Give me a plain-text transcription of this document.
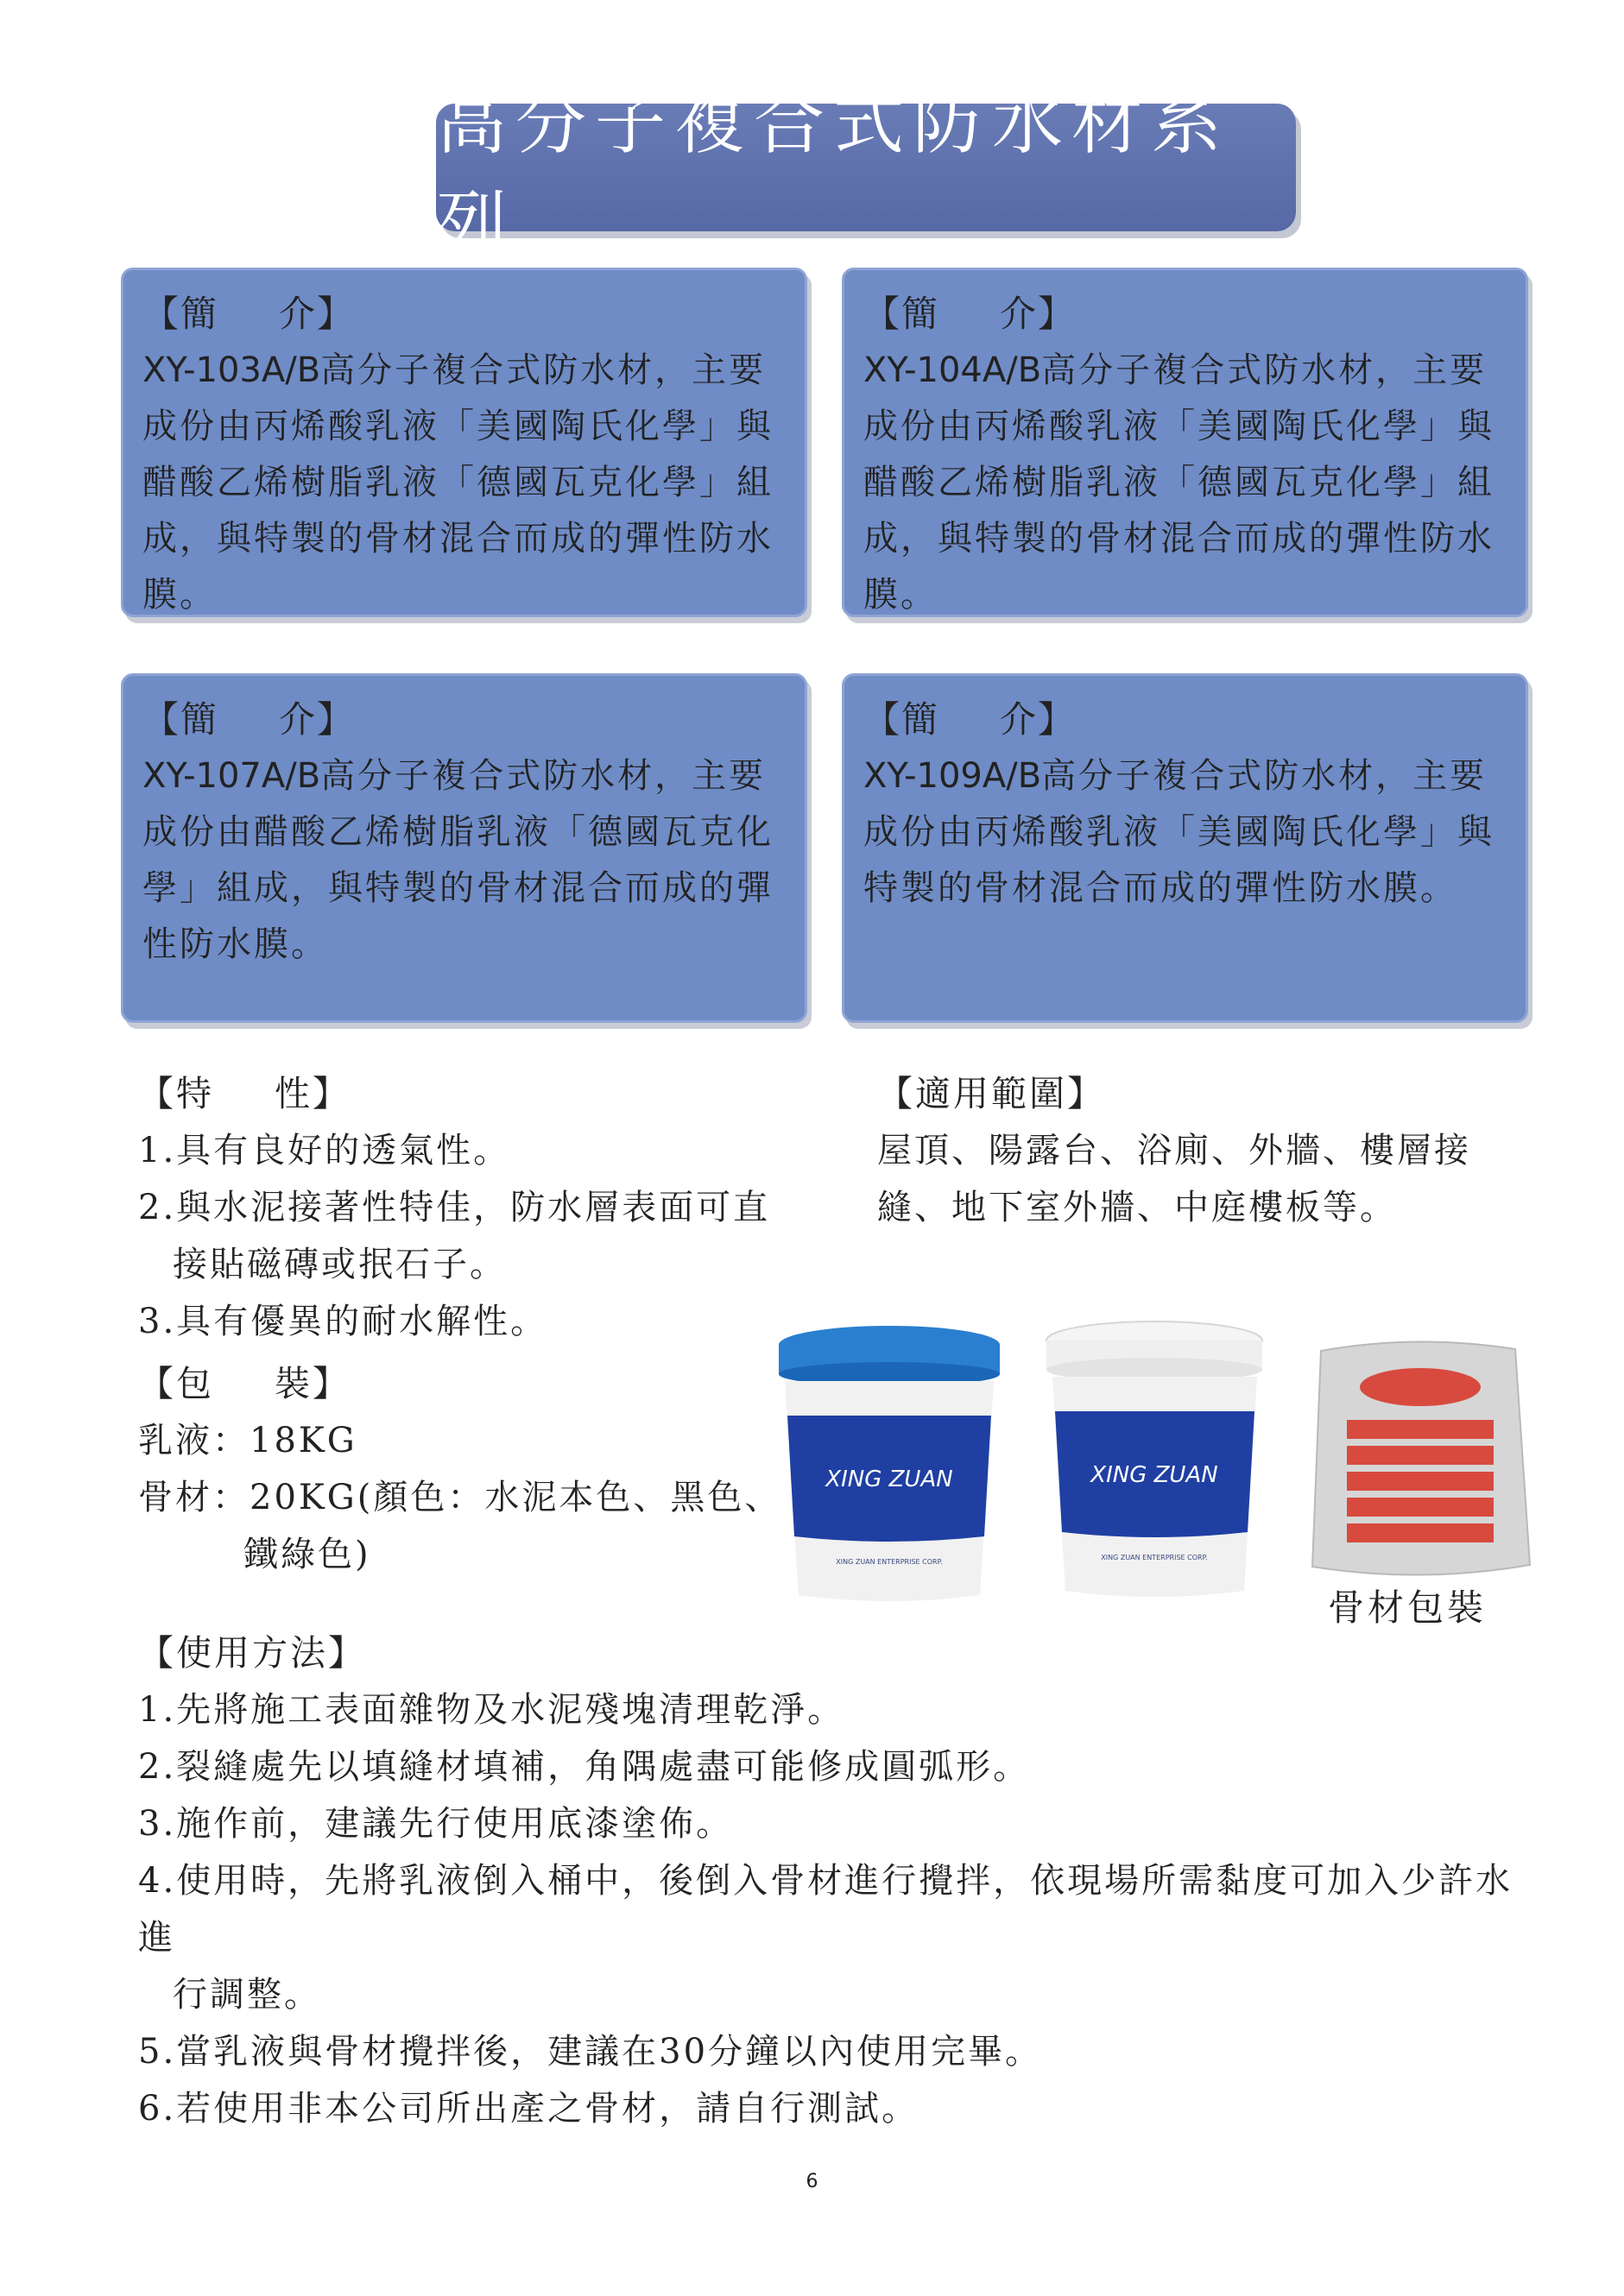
高分子複合式防水材系列
【簡 介】
XY-103A/B高分子複合式防水材，主要成份由丙烯酸乳液「美國陶氏化學」與醋酸乙烯樹脂乳液「德國瓦克化學」組成，與特製的骨材混合而成的彈性防水膜。
【簡 介】
XY-104A/B高分子複合式防水材，主要成份由丙烯酸乳液「美國陶氏化學」與醋酸乙烯樹脂乳液「德國瓦克化學」組成，與特製的骨材混合而成的彈性防水膜。
【簡 介】
XY-107A/B高分子複合式防水材，主要成份由醋酸乙烯樹脂乳液「德國瓦克化學」組成，與特製的骨材混合而成的彈性防水膜。
【簡 介】
XY-109A/B高分子複合式防水材，主要成份由丙烯酸乳液「美國陶氏化學」與特製的骨材混合而成的彈性防水膜。
【特 性】
1.具有良好的透氣性。
2.與水泥接著性特佳，防水層表面可直
接貼磁磚或抿石子。
3.具有優異的耐水解性。
【適用範圍】
屋頂、陽露台、浴廁、外牆、樓層接
縫、地下室外牆、中庭樓板等。
【包 裝】
乳液：18KG
骨材：20KG(顏色：水泥本色、黑色、
鐵綠色)
XING ZUAN
XING ZUAN ENTERPRISE CORP.
XING ZUAN
XING ZUAN ENTERPRISE CORP.
骨材包裝
【使用方法】
1.先將施工表面雜物及水泥殘塊清理乾淨。
2.裂縫處先以填縫材填補，角隅處盡可能修成圓弧形。
3.施作前，建議先行使用底漆塗佈。
4.使用時，先將乳液倒入桶中，後倒入骨材進行攪拌，依現場所需黏度可加入少許水 進
行調整。
5.當乳液與骨材攪拌後，建議在30分鐘以內使用完畢。
6.若使用非本公司所出產之骨材，請自行測試。
6
